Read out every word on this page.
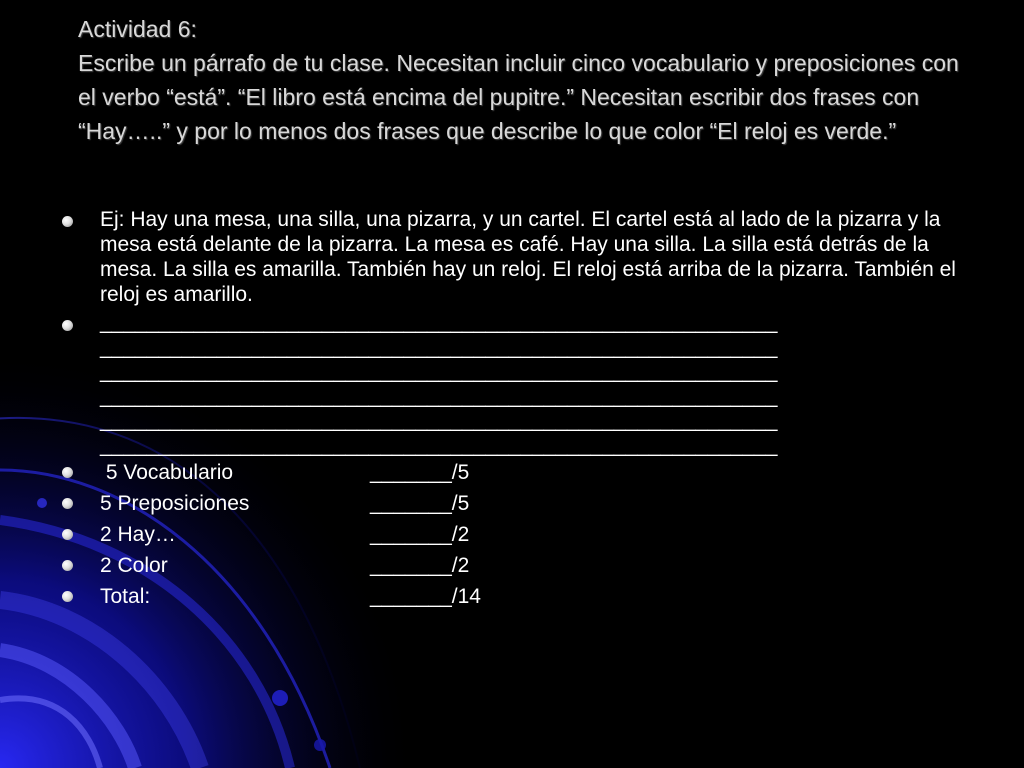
Actividad 6:
Escribe un párrafo de tu clase. Necesitan incluir cinco vocabulario y preposiciones con el verbo “está”. “El libro está encima del pupitre.” Necesitan escribir dos frases con “Hay…..” y por lo menos dos frases que describe lo que color “El reloj es verde.”
Ej: Hay una mesa, una silla, una pizarra, y un cartel. El cartel está al lado de la pizarra y la mesa está delante de la pizarra. La mesa es café. Hay una silla. La silla está detrás de la mesa. La silla es amarilla. También hay un reloj. El reloj está arriba de la pizarra. También el reloj es amarillo.
__________________________________________________________
__________________________________________________________
__________________________________________________________
__________________________________________________________
__________________________________________________________
__________________________________________________________
5 Vocabulario	_______/5
5 Preposiciones	_______/5
2 Hay…	_______/2
2 Color	_______/2
Total:	_______/14
